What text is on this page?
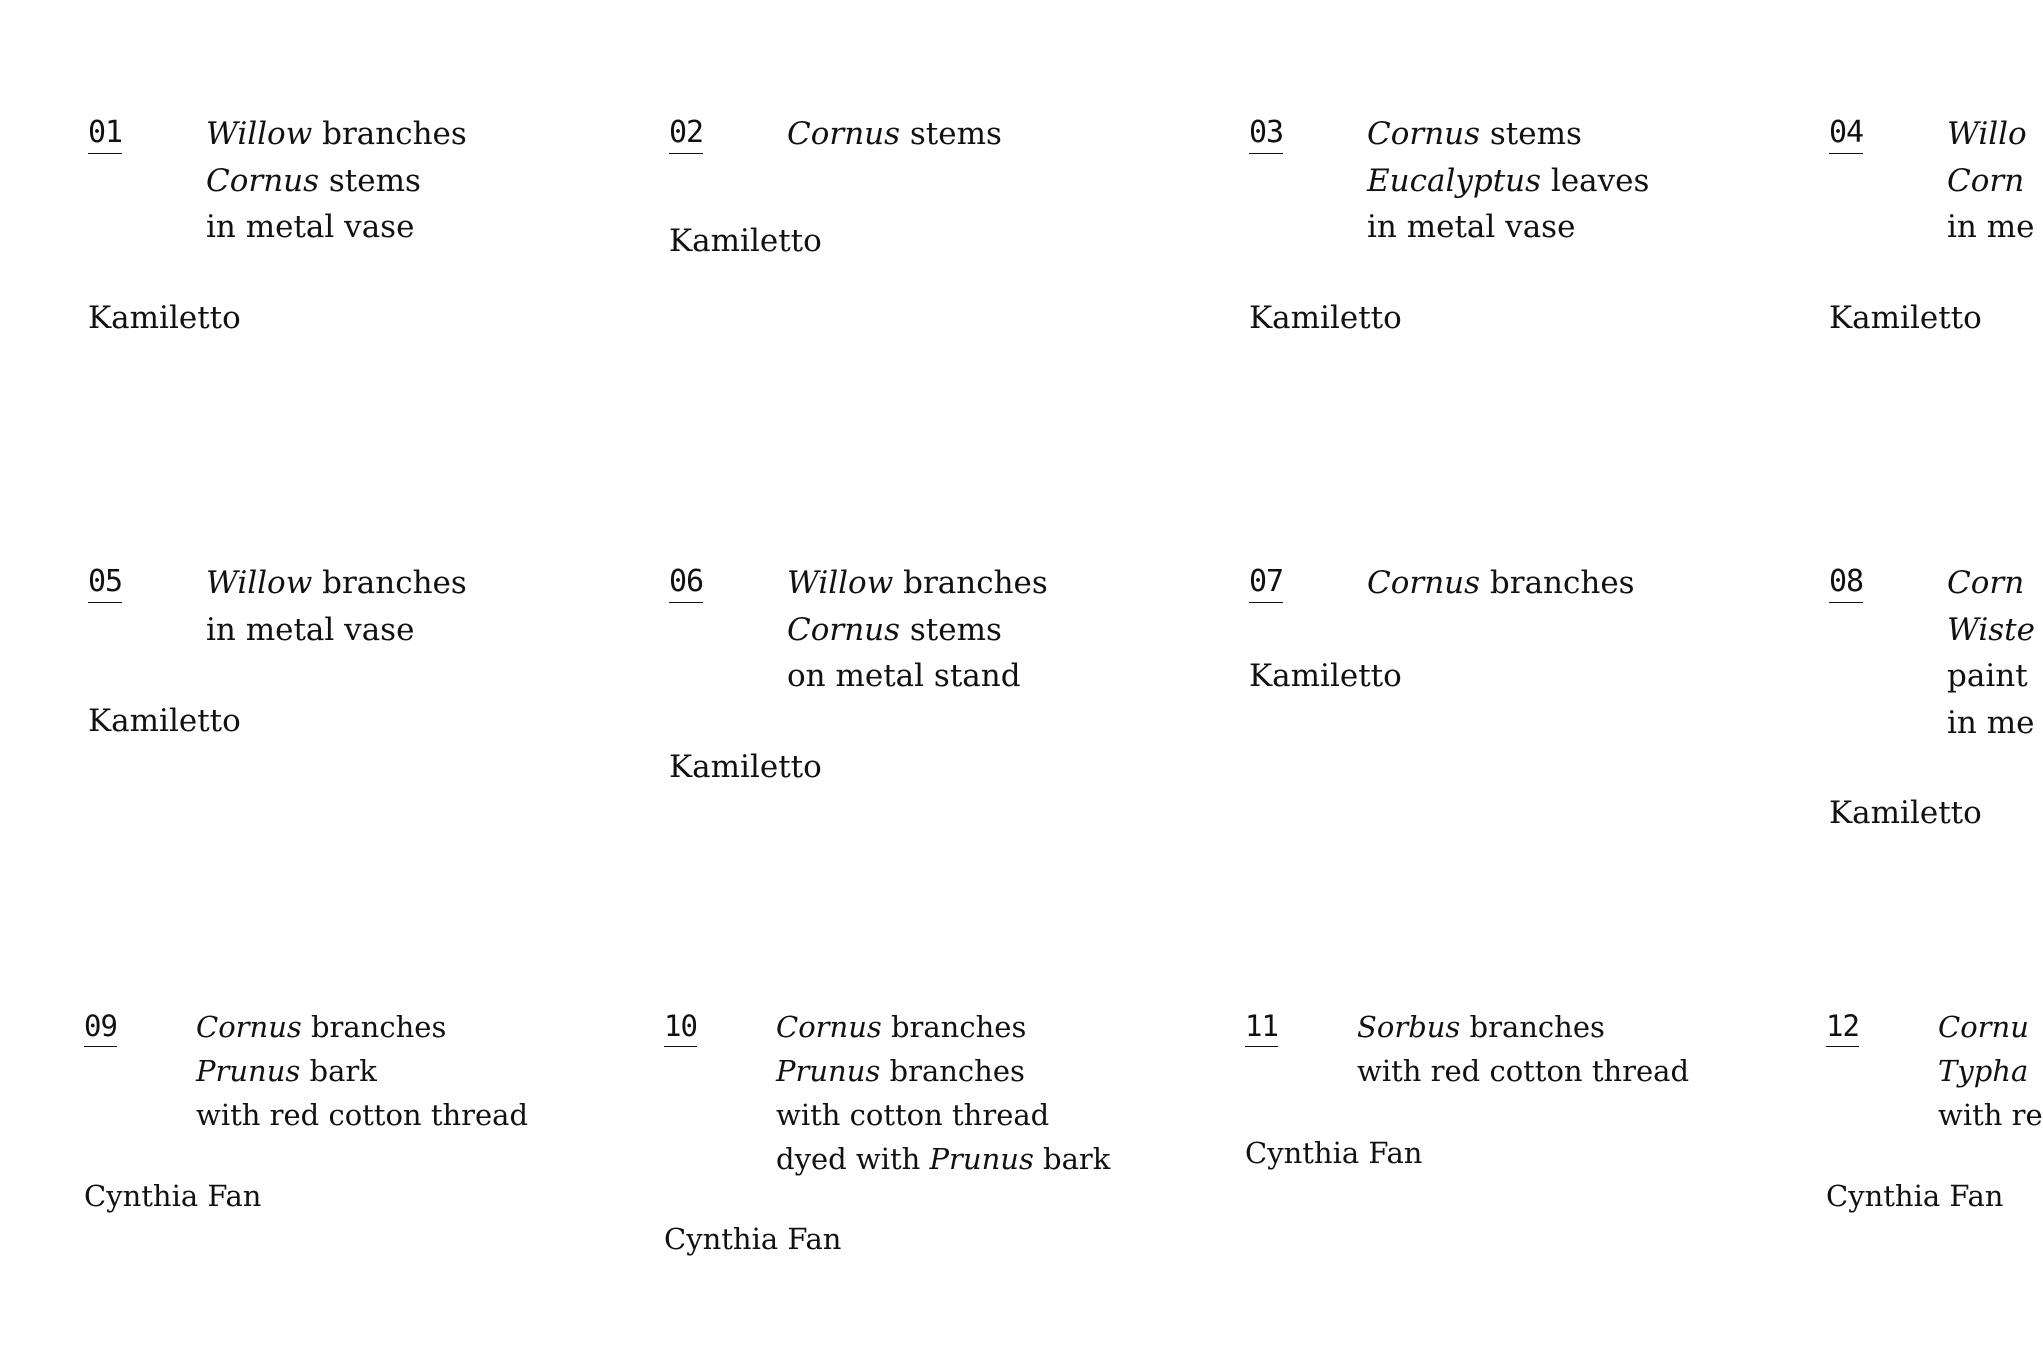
01	Willow branches
Cornus stems
in metal vase
Kamiletto
02	Cornus stems
Kamiletto
03	Cornus stems
Eucalyptus leaves
in metal vase
Kamiletto
04	Willo
Corn
in me
Kamiletto
05	Willow branches
in metal vase
Kamiletto
06	Willow branches
Cornus stems
on metal stand
Kamiletto
07	Cornus branches
Kamiletto
08	Corn
Wiste
paint
in me
Kamiletto
09	Cornus branches
Prunus bark
with red cotton thread
Cynthia Fan
10	Cornus branches
Prunus branches
with cotton thread
dyed with Prunus bark
Cynthia Fan
11	Sorbus branches
with red cotton thread
Cynthia Fan
12	Cornu
Typha
with re
Cynthia Fan
